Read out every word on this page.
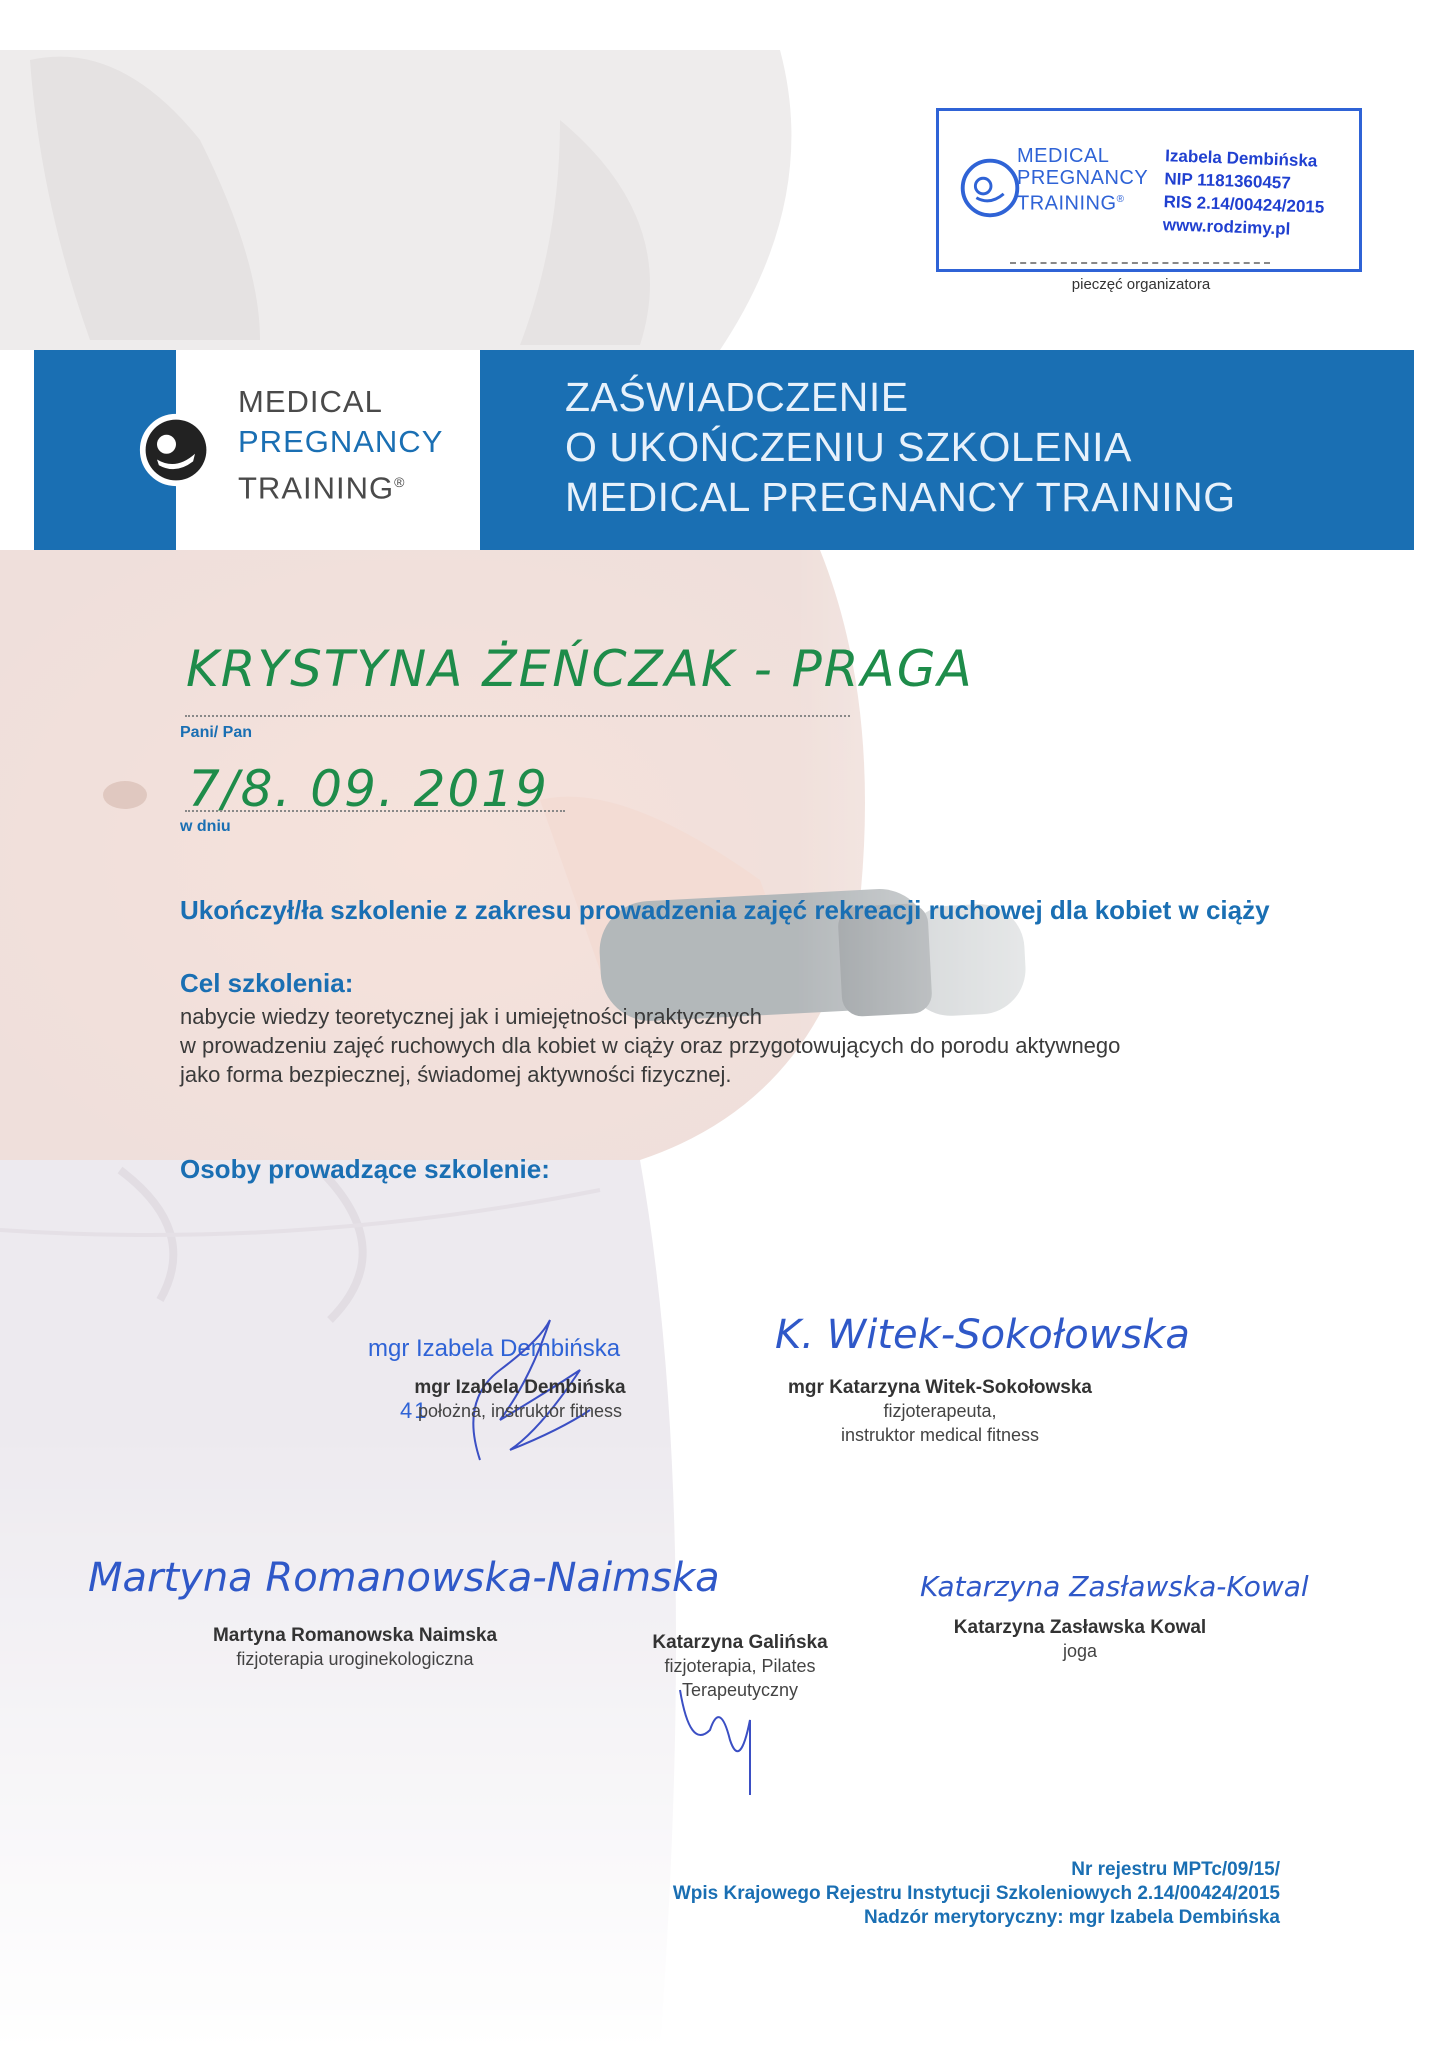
MEDICAL
PREGNANCY
TRAINING®
Izabela Dembińska
NIP 1181360457
RIS 2.14/00424/2015
www.rodzimy.pl
pieczęć organizatora
MEDICAL
PREGNANCY
TRAINING®
ZAŚWIADCZENIE
O UKOŃCZENIU SZKOLENIA
MEDICAL PREGNANCY TRAINING
KRYSTYNA ŻEŃCZAK - PRAGA
Pani/ Pan
7/8. 09. 2019
w dniu
Ukończył/ła szkolenie z zakresu prowadzenia zajęć rekreacji ruchowej dla kobiet w ciąży
Cel szkolenia:
nabycie wiedzy teoretycznej jak i umiejętności praktycznych
w prowadzeniu zajęć ruchowych dla kobiet w ciąży oraz przygotowujących do porodu aktywnego
jako forma bezpiecznej, świadomej aktywności fizycznej.
Osoby prowadzące szkolenie:
mgr Izabela Dembińska
41
mgr Izabela Dembińska
położna, instruktor fitness
K. Witek-Sokołowska
mgr Katarzyna Witek-Sokołowska
fizjoterapeuta,
instruktor medical fitness
Martyna Romanowska-Naimska
Martyna Romanowska Naimska
fizjoterapia uroginekologiczna
Katarzyna Galińska
fizjoterapia, Pilates
Terapeutyczny
Katarzyna Zasławska-Kowal
Katarzyna Zasławska Kowal
joga
Nr rejestru MPTc/09/15/
Wpis Krajowego Rejestru Instytucji Szkoleniowych 2.14/00424/2015
Nadzór merytoryczny: mgr Izabela Dembińska
